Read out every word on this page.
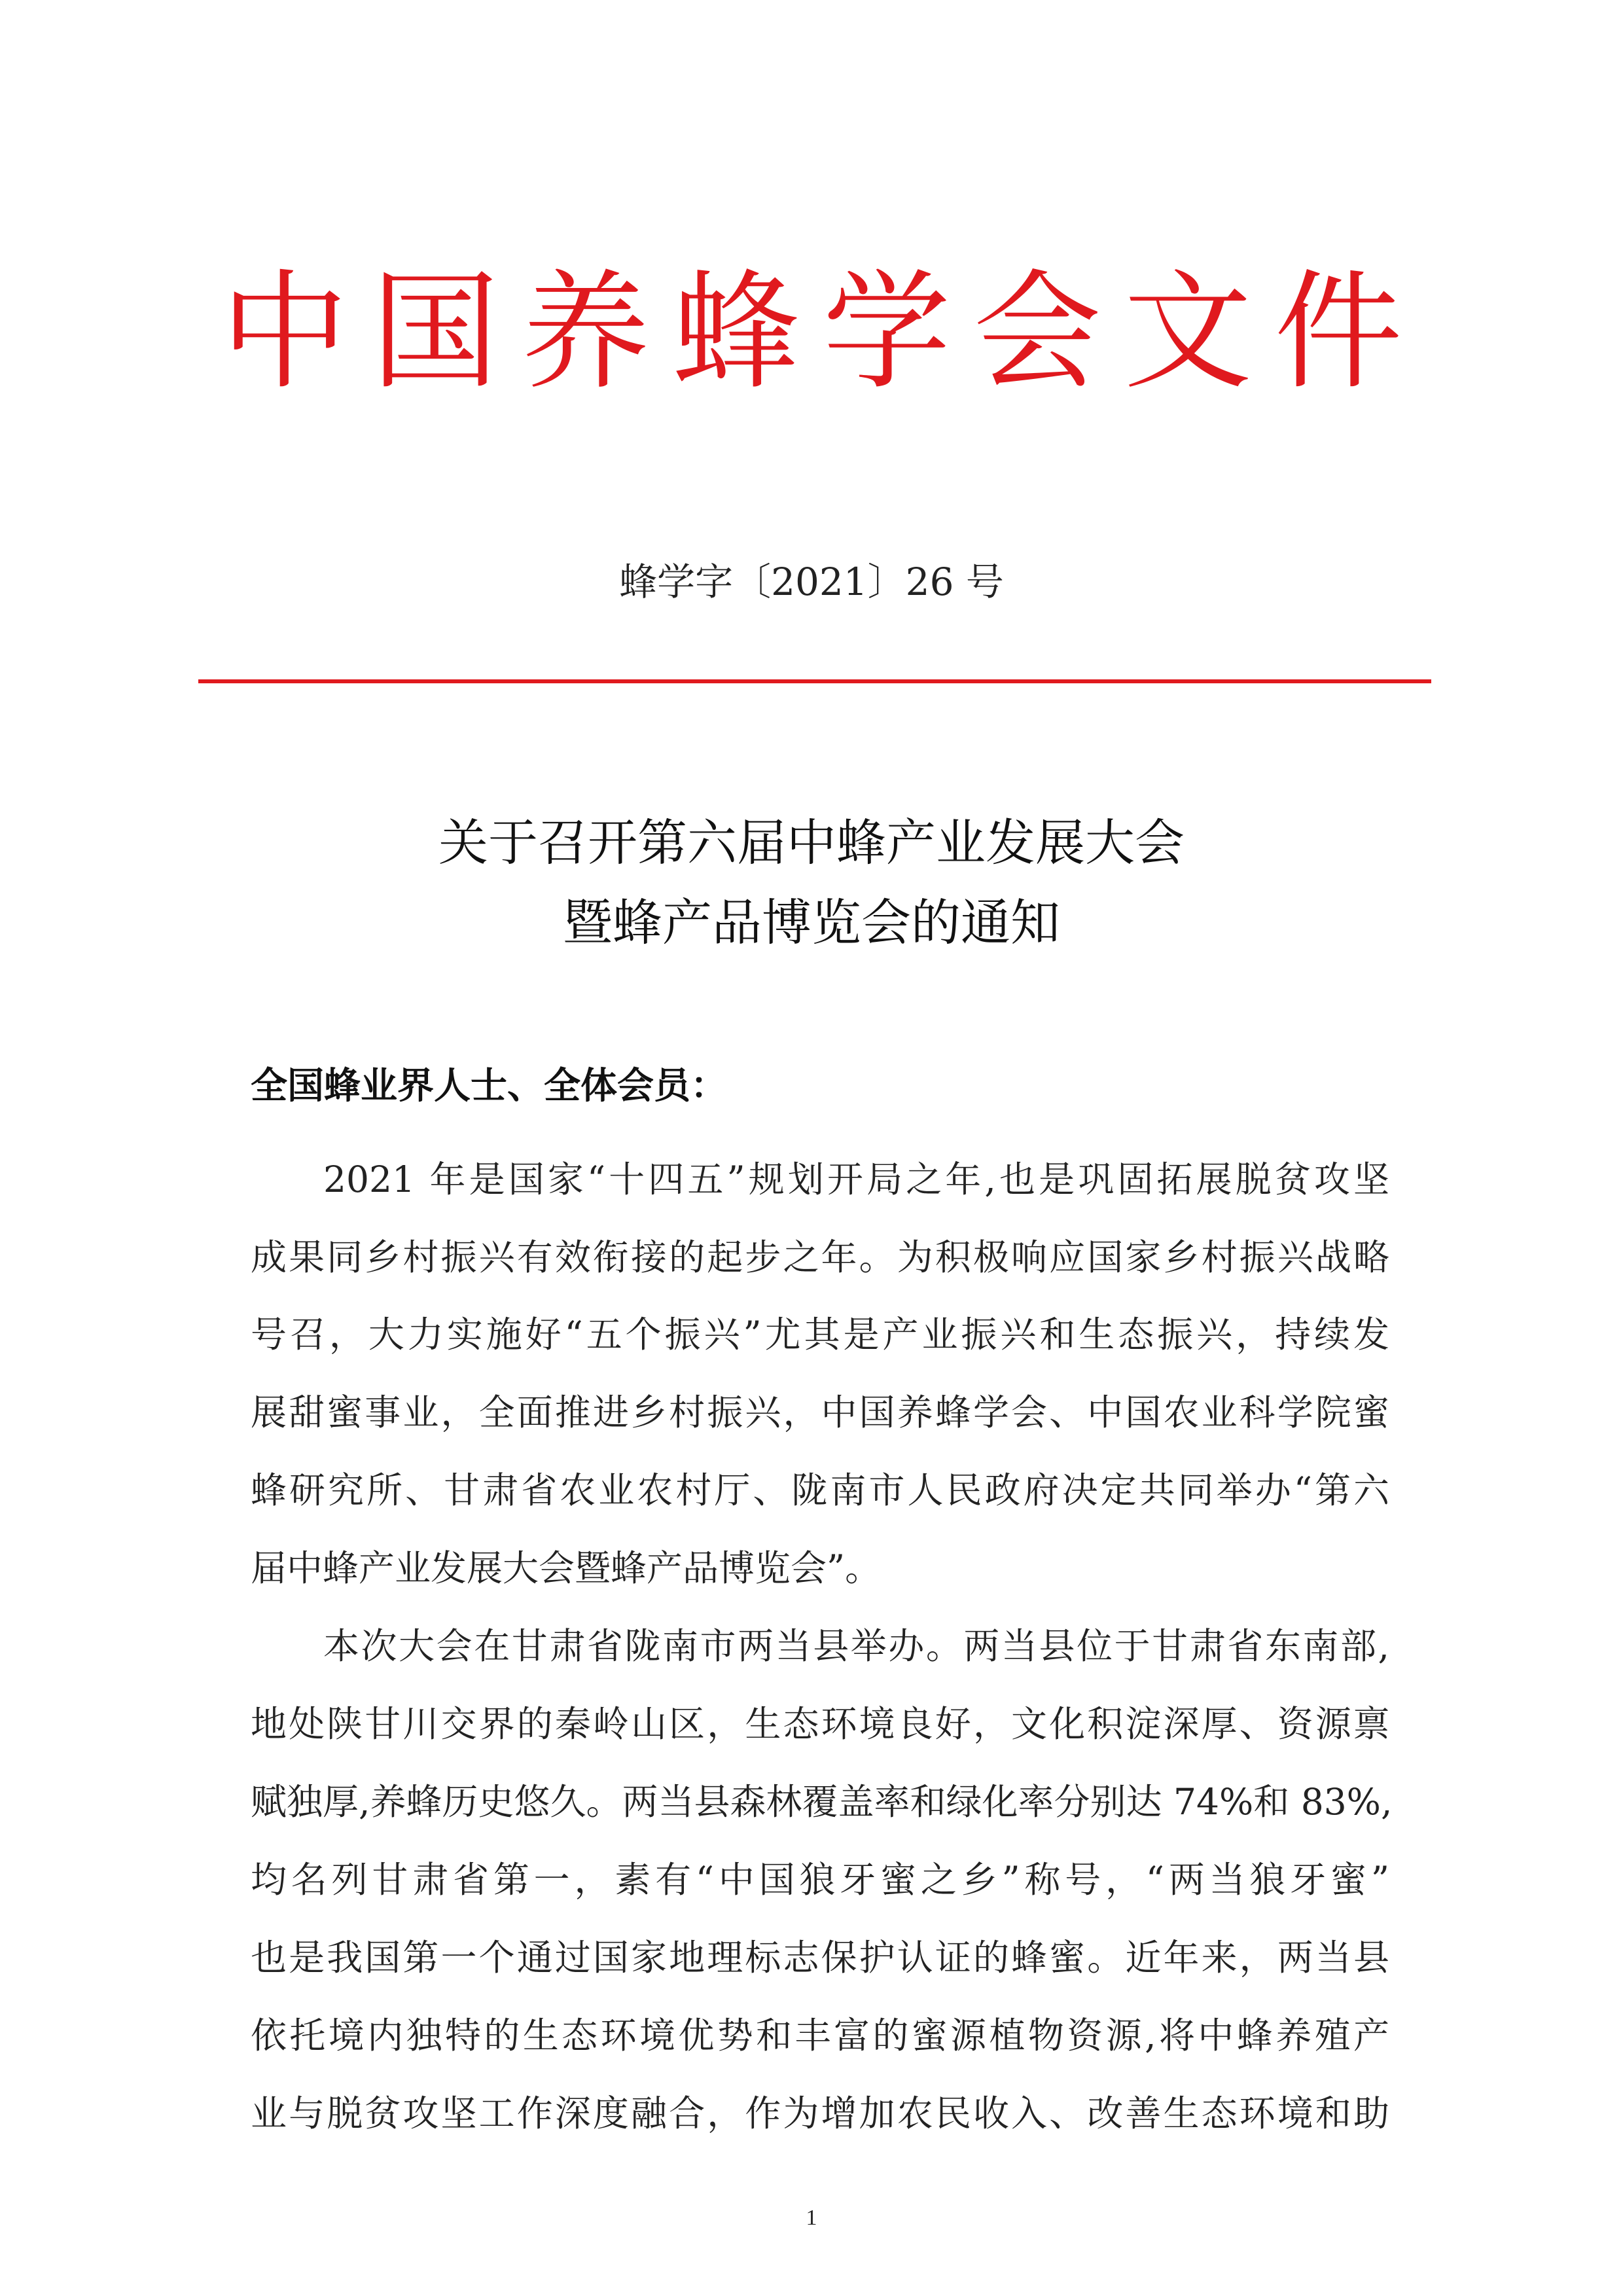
中国养蜂学会文件
蜂学字〔2021〕26 号
关于召开第六届中蜂产业发展大会
暨蜂产品博览会的通知
全国蜂业界人士、全体会员：
2021 年是国家“十四五”规划开局之年,也是巩固拓展脱贫攻坚
成果同乡村振兴有效衔接的起步之年。为积极响应国家乡村振兴战略
号召，大力实施好“五个振兴”尤其是产业振兴和生态振兴，持续发
展甜蜜事业，全面推进乡村振兴，中国养蜂学会、中国农业科学院蜜
蜂研究所、甘肃省农业农村厅、陇南市人民政府决定共同举办“第六
届中蜂产业发展大会暨蜂产品博览会”。
本次大会在甘肃省陇南市两当县举办。两当县位于甘肃省东南部,
地处陕甘川交界的秦岭山区，生态环境良好，文化积淀深厚、资源禀
赋独厚,养蜂历史悠久。两当县森林覆盖率和绿化率分别达 74%和 83%,
均名列甘肃省第一，素有“中国狼牙蜜之乡”称号，“两当狼牙蜜”
也是我国第一个通过国家地理标志保护认证的蜂蜜。近年来，两当县
依托境内独特的生态环境优势和丰富的蜜源植物资源,将中蜂养殖产
业与脱贫攻坚工作深度融合，作为增加农民收入、改善生态环境和助
1
